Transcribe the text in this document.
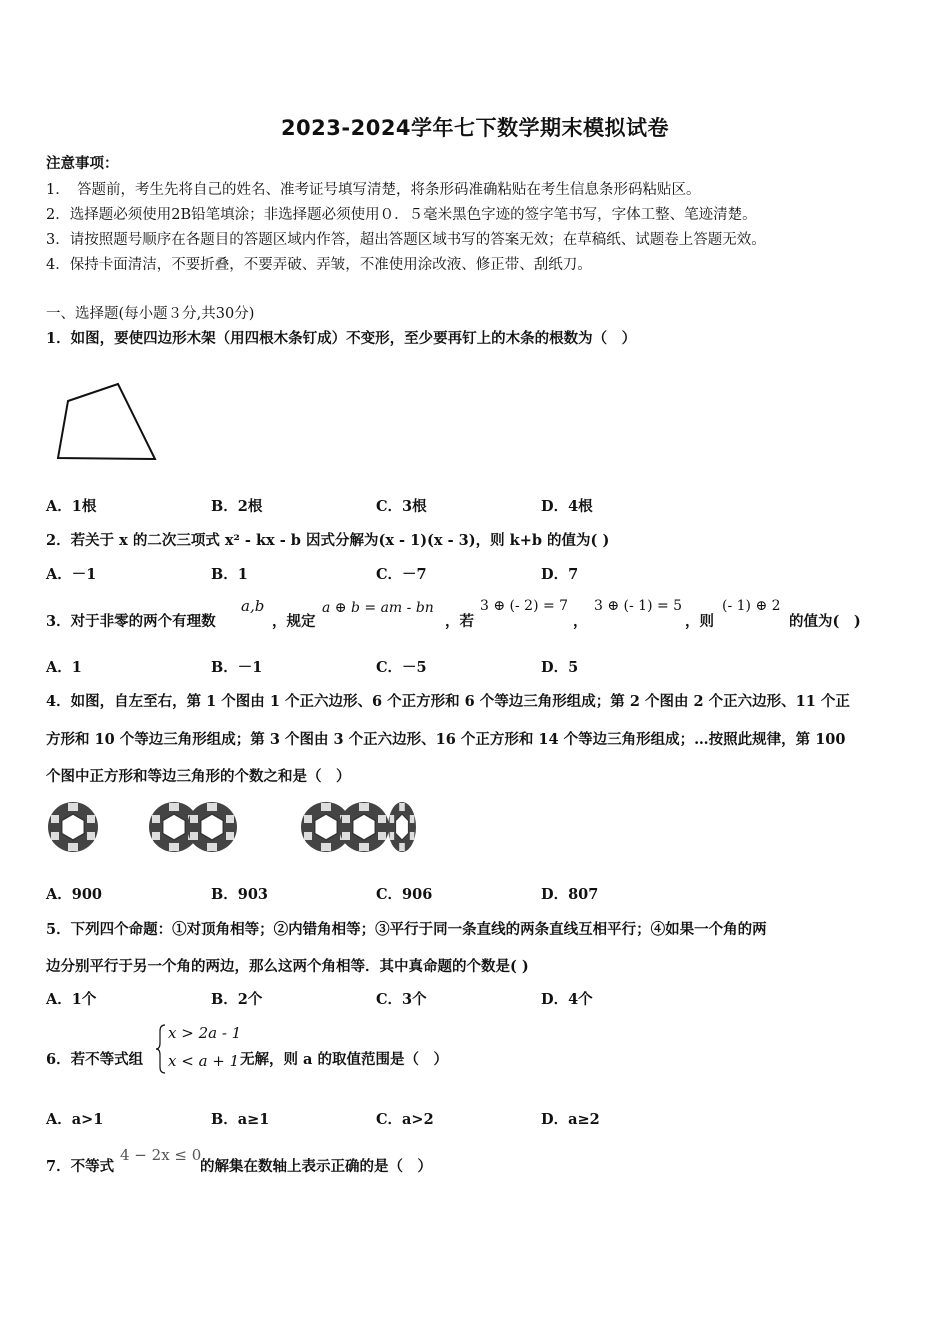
2023-2024学年七下数学期末模拟试卷
注意事项：
1．　答题前，考生先将自己的姓名、准考证号填写清楚，将条形码准确粘贴在考生信息条形码粘贴区。
2．选择题必须使用2B铅笔填涂；非选择题必须使用０．５毫米黑色字迹的签字笔书写，字体工整、笔迹清楚。
3．请按照题号顺序在各题目的答题区域内作答，超出答题区域书写的答案无效；在草稿纸、试题卷上答题无效。
4．保持卡面清洁，不要折叠，不要弄破、弄皱，不准使用涂改液、修正带、刮纸刀。
一、选择题(每小题３分,共30分)
1．如图，要使四边形木架（用四根木条钉成）不变形，至少要再钉上的木条的根数为（　）
A．1根	B．2根	C．3根	D．4根
2．若关于 x 的二次三项式 x² - kx - b 因式分解为(x - 1)(x - 3)，则 k+b 的值为( )
A．－1	B．1	C．－7	D．7
3．对于非零的两个有理数
a,b
，规定
a ⊕ b = am - bn
，若
3 ⊕ (- 2) = 7
，
3 ⊕ (- 1) = 5
，则
(- 1) ⊕ 2
的值为(　)
A．1	B．－1	C．－5	D．5
4．如图，自左至右，第 1 个图由 1 个正六边形、6 个正方形和 6 个等边三角形组成；第 2 个图由 2 个正六边形、11 个正
方形和 10 个等边三角形组成；第 3 个图由 3 个正六边形、16 个正方形和 14 个等边三角形组成；…按照此规律，第 100
个图中正方形和等边三角形的个数之和是（　）
A．900	B．903	C．906	D．807
5．下列四个命题：①对顶角相等；②内错角相等；③平行于同一条直线的两条直线互相平行；④如果一个角的两
边分别平行于另一个角的两边，那么这两个角相等．其中真命题的个数是( )
A．1个	B．2个	C．3个	D．4个
6．若不等式组
x > 2a - 1
x < a + 1 无解，则 a 的取值范围是（　）
A．a>1	B．a≥1	C．a>2	D．a≥2
7．不等式
4 − 2x ≤ 0
的解集在数轴上表示正确的是（　）
